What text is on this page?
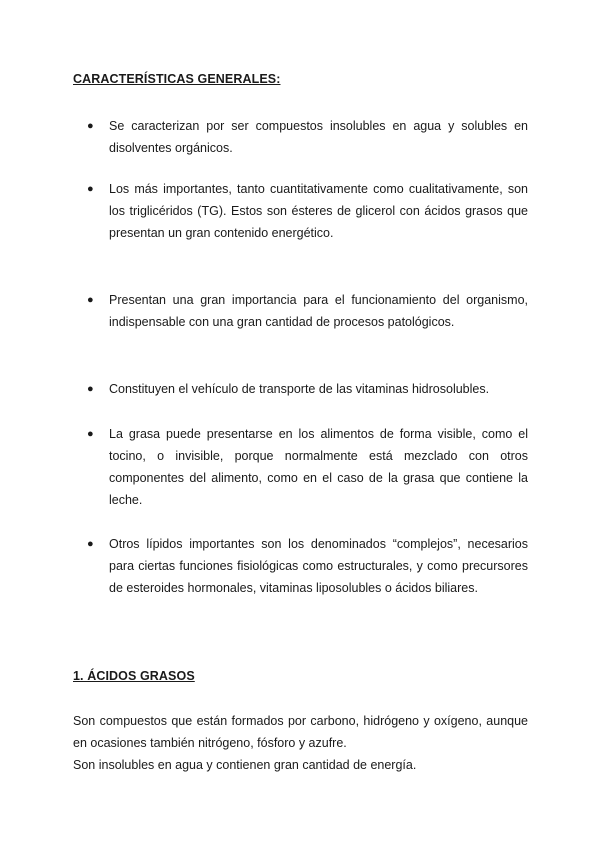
CARACTERÍSTICAS GENERALES:
●	Se caracterizan por ser compuestos insolubles en agua y solubles en disolventes orgánicos.
●	Los más importantes, tanto cuantitativamente como cualitativamente, son los triglicéridos (TG). Estos son ésteres de glicerol con ácidos grasos que presentan un gran contenido energético.
●	Presentan una gran importancia para el funcionamiento del organismo, indispensable con una gran cantidad de procesos patológicos.
●	Constituyen el vehículo de transporte de las vitaminas hidrosolubles.
●	La grasa puede presentarse en los alimentos de forma visible, como el tocino, o invisible, porque normalmente está mezclado con otros componentes del alimento, como en el caso de la grasa que contiene la leche.
●	Otros lípidos importantes son los denominados “complejos”, necesarios para ciertas funciones fisiológicas como estructurales, y como precursores de esteroides hormonales, vitaminas liposolubles o ácidos biliares.
1. ÁCIDOS GRASOS
Son compuestos que están formados por carbono, hidrógeno y oxígeno, aunque en ocasiones también nitrógeno, fósforo y azufre.
Son insolubles en agua y contienen gran cantidad de energía.
